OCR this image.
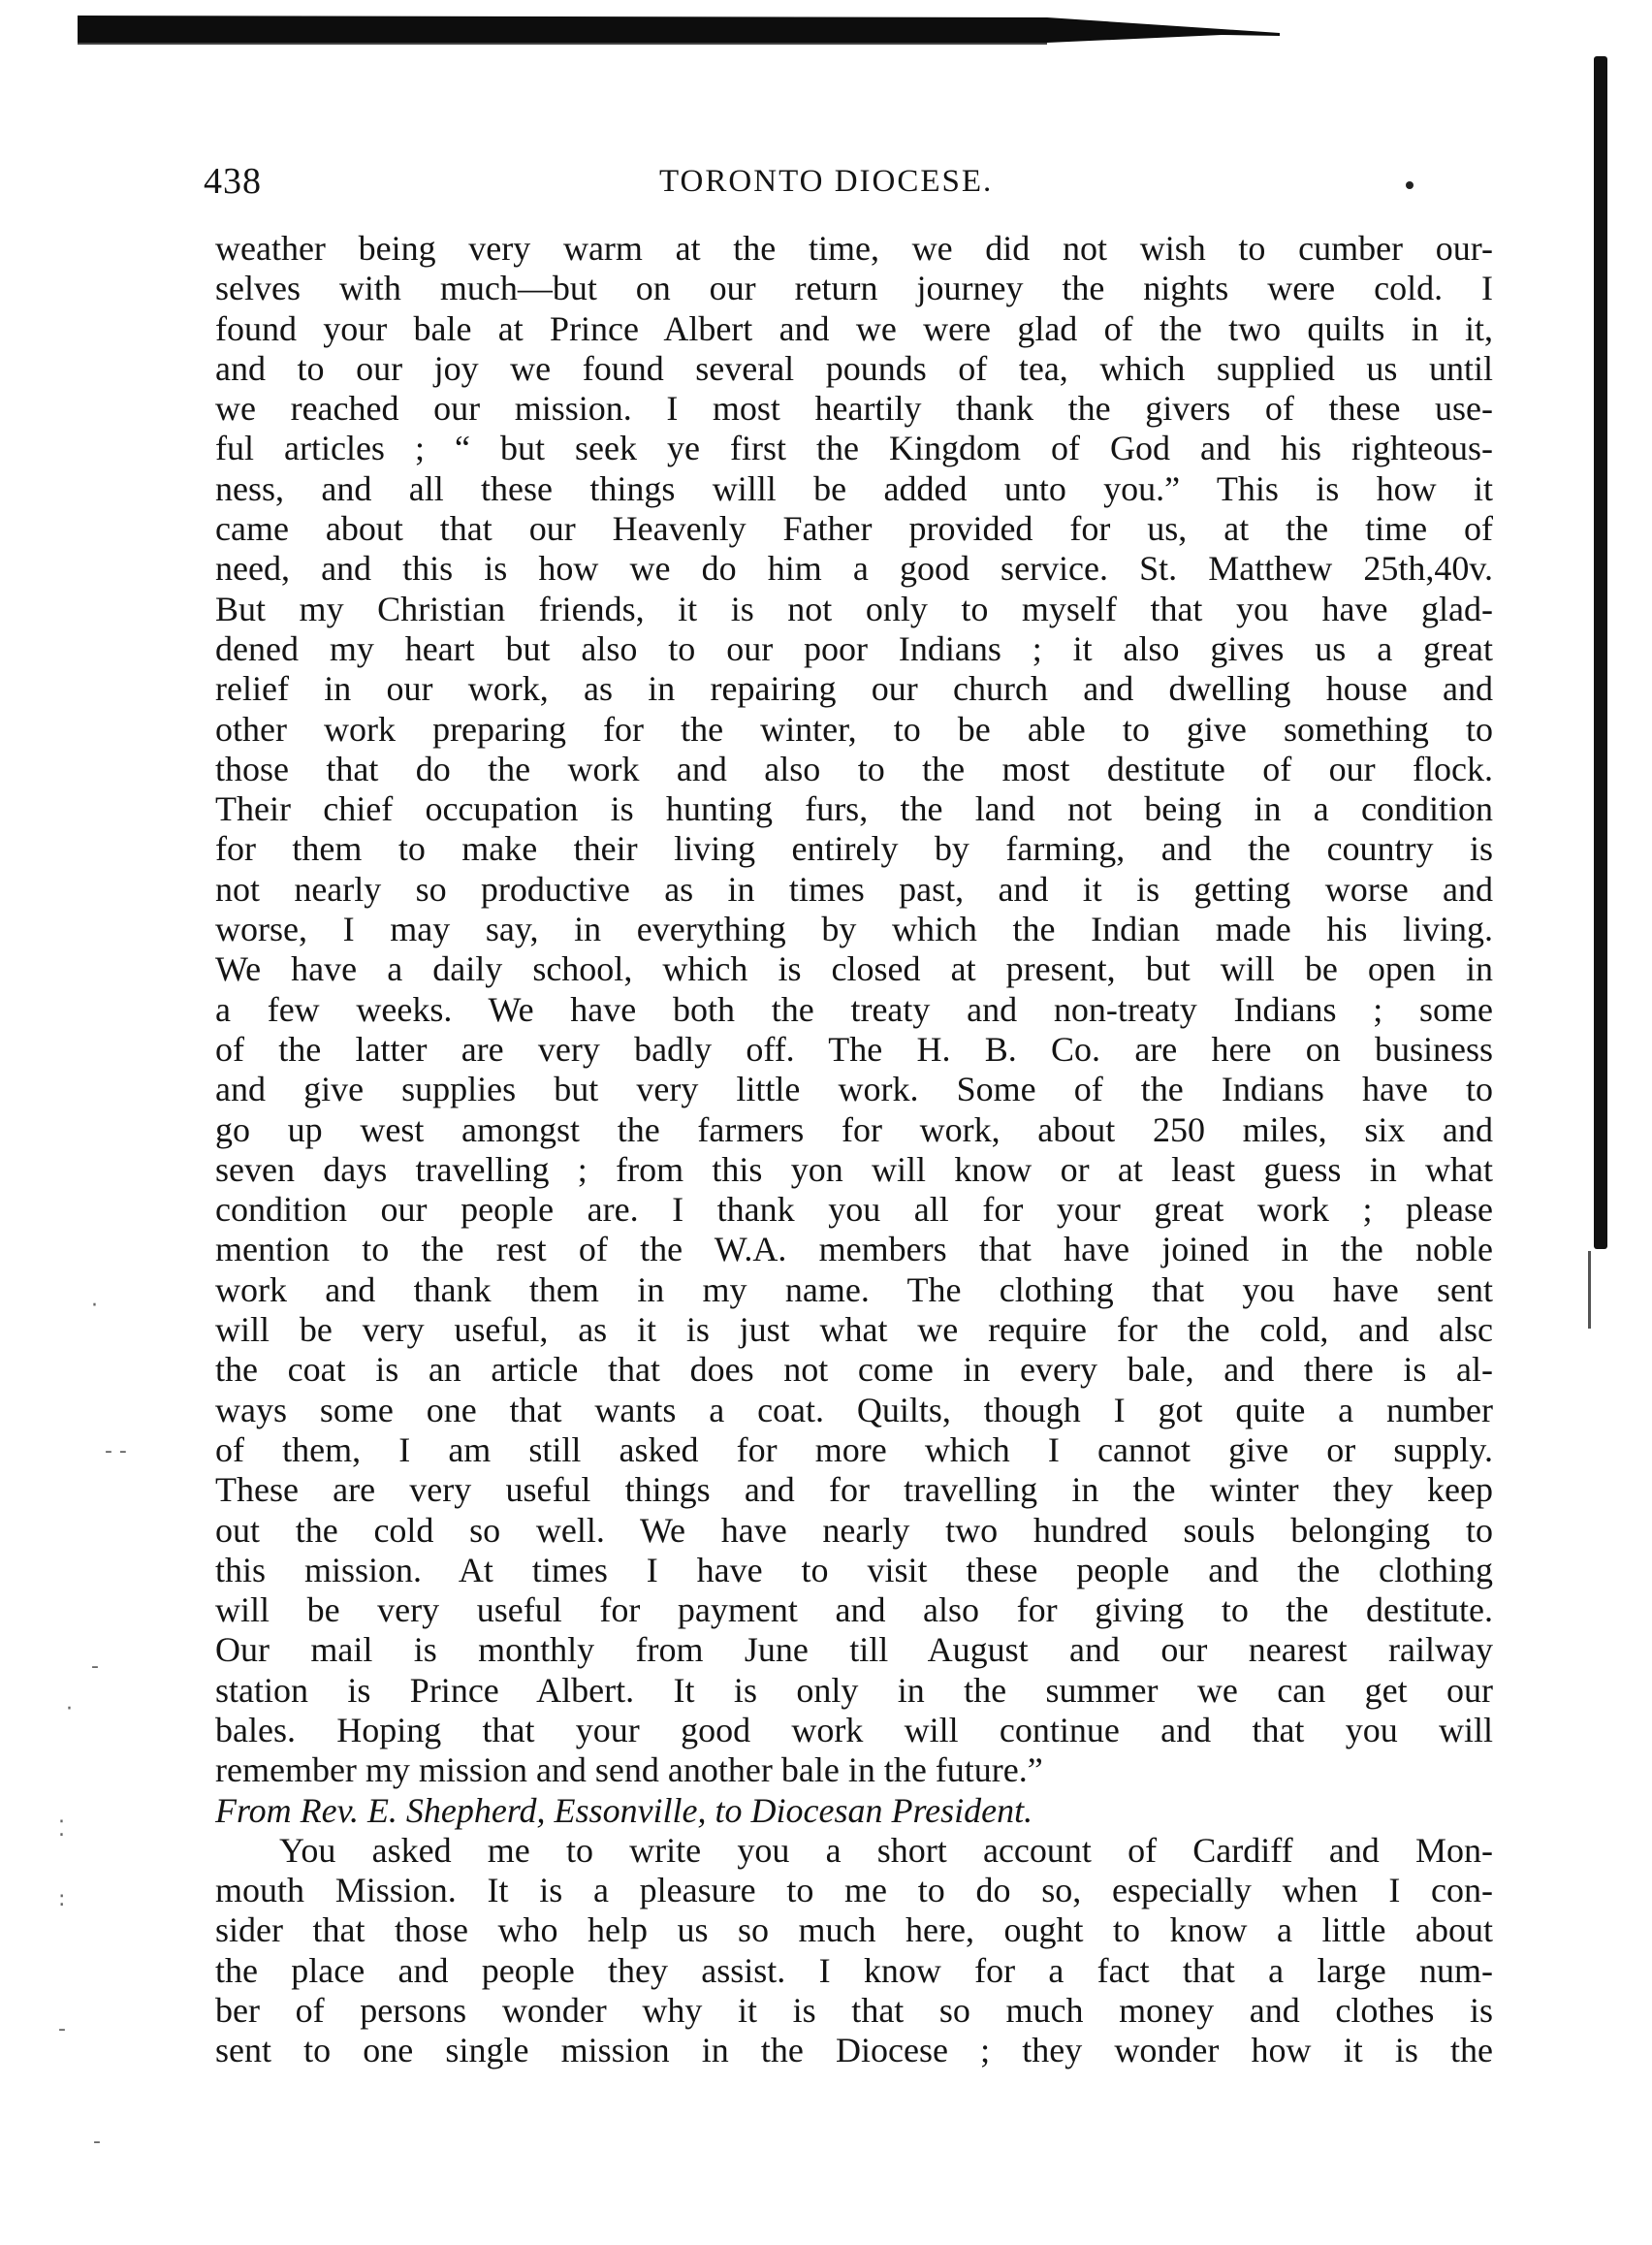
·
- -
-
·
⁚
:
-
-
438	TORONTO DIOCESE.
weather being very warm at the time, we did not wish to cumber our-
selves with much—but on our return journey the nights were cold. I
found your bale at Prince Albert and we were glad of the two quilts in it,
and to our joy we found several pounds of tea, which supplied us until
we reached our mission. I most heartily thank the givers of these use-
ful articles ; “ but seek ye first the Kingdom of God and his righteous-
ness, and all these things willl be added unto you.” This is how it
came about that our Heavenly Father provided for us, at the time of
need, and this is how we do him a good service. St. Matthew 25th,40v.
But my Christian friends, it is not only to myself that you have glad-
dened my heart but also to our poor Indians ; it also gives us a great
relief in our work, as in repairing our church and dwelling house and
other work preparing for the winter, to be able to give something to
those that do the work and also to the most destitute of our flock.
Their chief occupation is hunting furs, the land not being in a condition
for them to make their living entirely by farming, and the country is
not nearly so productive as in times past, and it is getting worse and
worse, I may say, in everything by which the Indian made his living.
We have a daily school, which is closed at present, but will be open in
a few weeks. We have both the treaty and non-treaty Indians ; some
of the latter are very badly off. The H. B. Co. are here on business
and give supplies but very little work. Some of the Indians have to
go up west amongst the farmers for work, about 250 miles, six and
seven days travelling ; from this yon will know or at least guess in what
condition our people are. I thank you all for your great work ; please
mention to the rest of the W.A. members that have joined in the noble
work and thank them in my name. The clothing that you have sent
will be very useful, as it is just what we require for the cold, and alsc
the coat is an article that does not come in every bale, and there is al-
ways some one that wants a coat. Quilts, though I got quite a number
of them, I am still asked for more which I cannot give or supply.
These are very useful things and for travelling in the winter they keep
out the cold so well. We have nearly two hundred souls belonging to
this mission. At times I have to visit these people and the clothing
will be very useful for payment and also for giving to the destitute.
Our mail is monthly from June till August and our nearest railway
station is Prince Albert. It is only in the summer we can get our
bales. Hoping that your good work will continue and that you will
remember my mission and send another bale in the future.”
From Rev. E. Shepherd, Essonville, to Diocesan President.
You asked me to write you a short account of Cardiff and Mon-
mouth Mission. It is a pleasure to me to do so, especially when I con-
sider that those who help us so much here, ought to know a little about
the place and people they assist. I know for a fact that a large num-
ber of persons wonder why it is that so much money and clothes is
sent to one single mission in the Diocese ; they wonder how it is the
